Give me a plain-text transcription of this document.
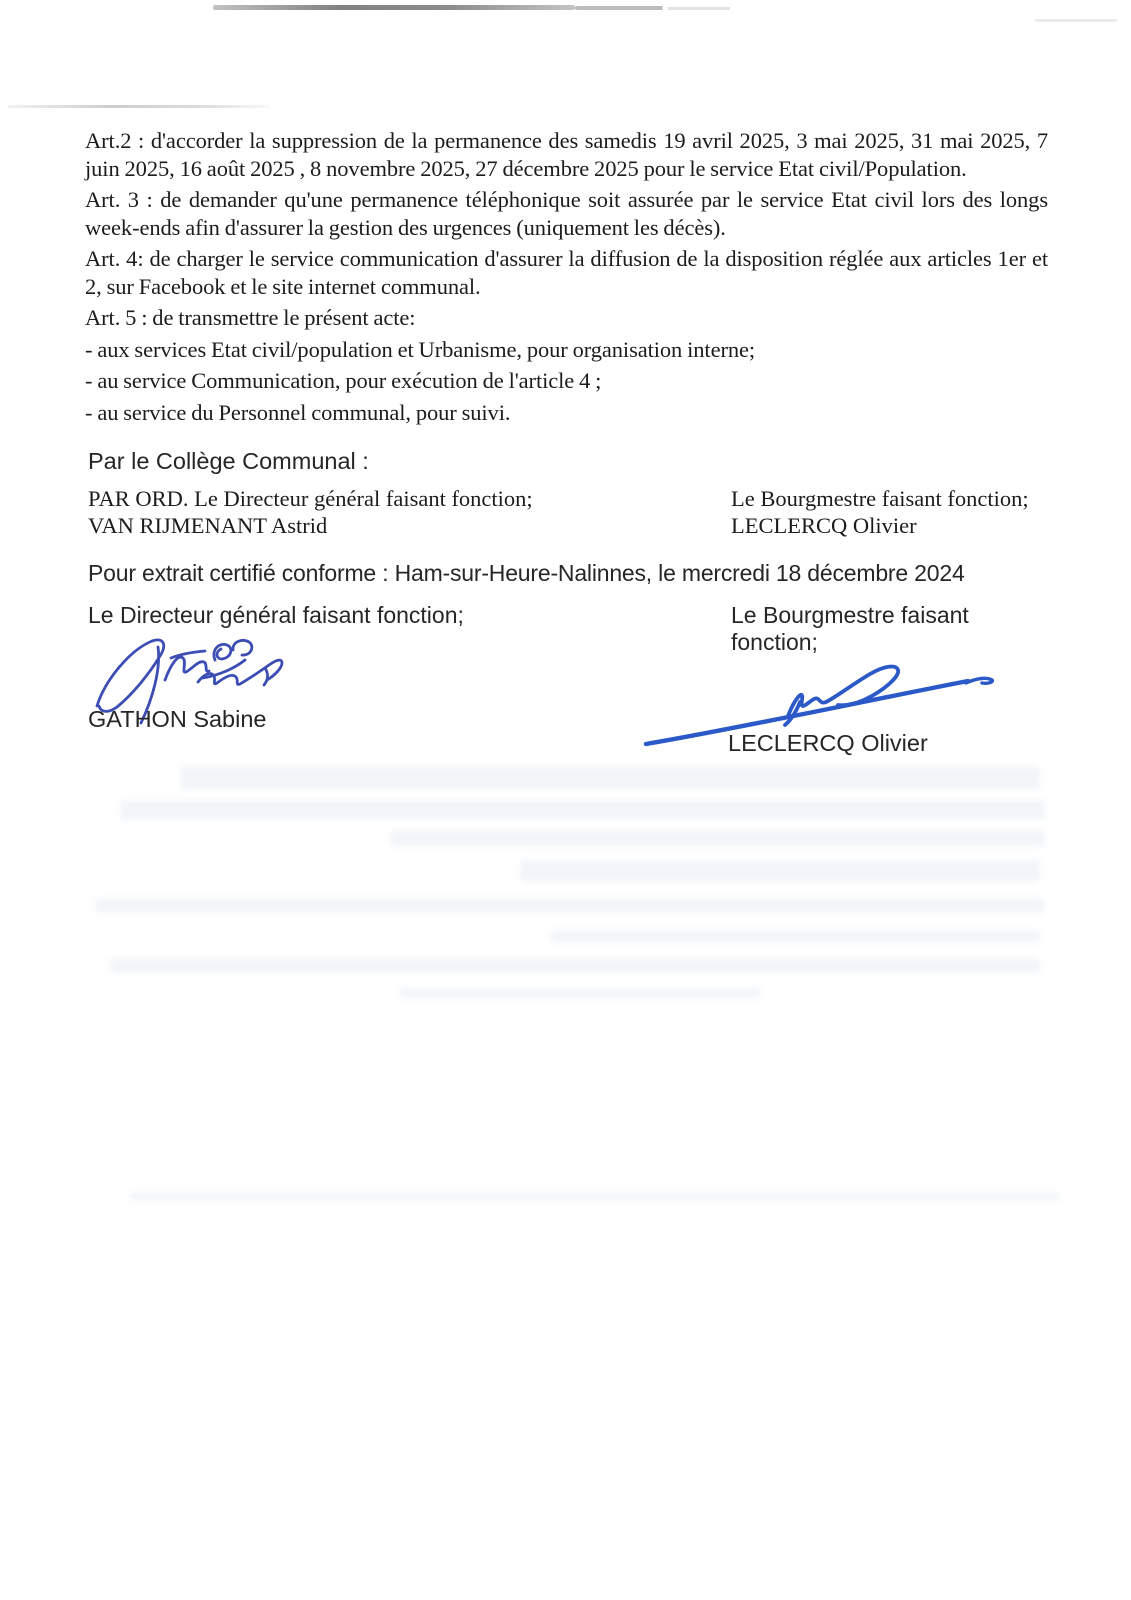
Art.2 : d'accorder la suppression de la permanence des samedis 19 avril 2025, 3 mai 2025, 31 mai 2025, 7 juin 2025, 16 août 2025 , 8 novembre 2025, 27 décembre 2025 pour le service Etat civil/Population.

Art. 3 : de demander qu'une permanence téléphonique soit assurée par le service Etat civil lors des longs week-ends afin d'assurer la gestion des urgences (uniquement les décès).

Art. 4: de charger le service communication d'assurer la diffusion de la disposition réglée aux articles 1er et 2, sur Facebook et le site internet communal.

Art. 5 : de transmettre le présent acte:

- aux services Etat civil/population et Urbanisme, pour organisation interne;

- au service Communication, pour exécution de l'article 4 ;

- au service du Personnel communal, pour suivi.

Par le Collège Communal :
PAR ORD. Le Directeur général faisant fonction;
VAN RIJMENANT Astrid
Le Bourgmestre faisant fonction;
LECLERCQ Olivier
Pour extrait certifié conforme : Ham-sur-Heure-Nalinnes, le mercredi 18 décembre 2024
Le Directeur général faisant fonction;	Le Bourgmestre faisant fonction;
GATHON Sabine
LECLERCQ Olivier
